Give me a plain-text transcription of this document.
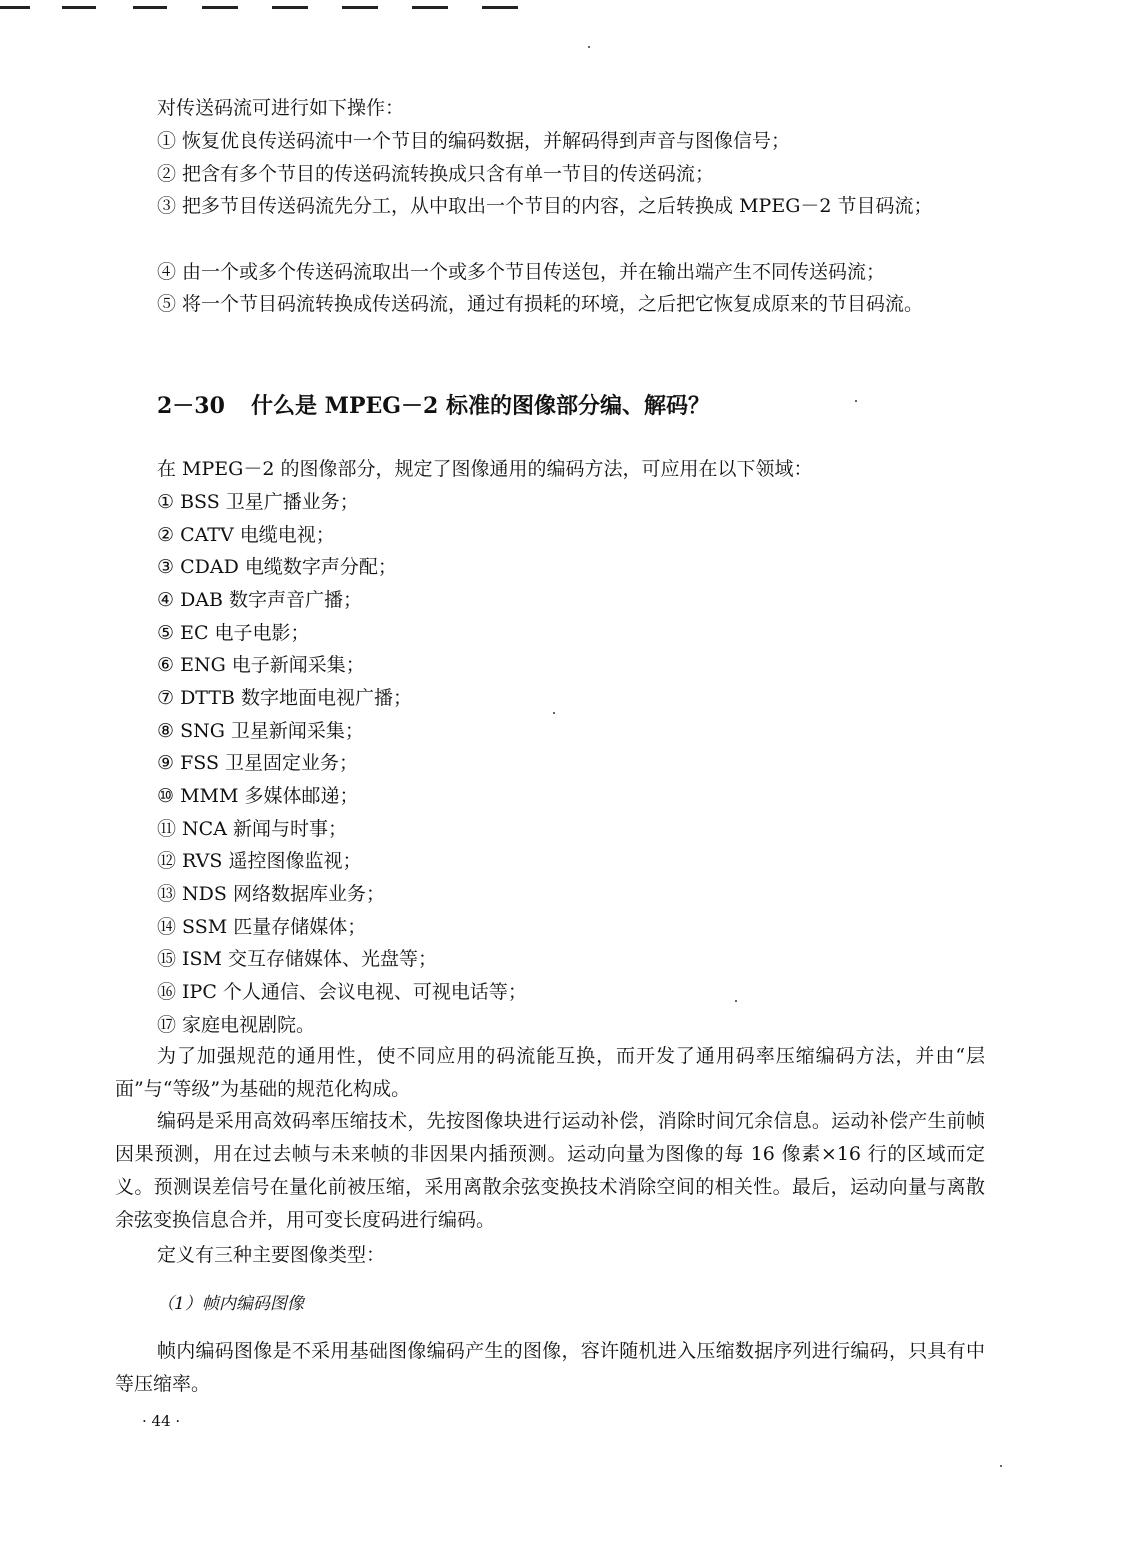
对传送码流可进行如下操作：

① 恢复优良传送码流中一个节目的编码数据，并解码得到声音与图像信号；

② 把含有多个节目的传送码流转换成只含有单一节目的传送码流；

③ 把多节目传送码流先分工，从中取出一个节目的内容，之后转换成 MPEG－2 节目码流；

④ 由一个或多个传送码流取出一个或多个节目传送包，并在输出端产生不同传送码流；

⑤ 将一个节目码流转换成传送码流，通过有损耗的环境，之后把它恢复成原来的节目码流。

2－30 什么是 MPEG－2 标准的图像部分编、解码？

在 MPEG－2 的图像部分，规定了图像通用的编码方法，可应用在以下领域：

① BSS 卫星广播业务；

② CATV 电缆电视；

③ CDAD 电缆数字声分配；

④ DAB 数字声音广播；

⑤ EC 电子电影；

⑥ ENG 电子新闻采集；

⑦ DTTB 数字地面电视广播；

⑧ SNG 卫星新闻采集；

⑨ FSS 卫星固定业务；

⑩ MMM 多媒体邮递；

⑪ NCA 新闻与时事；

⑫ RVS 遥控图像监视；

⑬ NDS 网络数据库业务；

⑭ SSM 匹量存储媒体；

⑮ ISM 交互存储媒体、光盘等；

⑯ IPC 个人通信、会议电视、可视电话等；

⑰ 家庭电视剧院。

为了加强规范的通用性，使不同应用的码流能互换，而开发了通用码率压缩编码方法，并由“层面”与“等级”为基础的规范化构成。

编码是采用高效码率压缩技术，先按图像块进行运动补偿，消除时间冗余信息。运动补偿产生前帧因果预测，用在过去帧与未来帧的非因果内插预测。运动向量为图像的每 16 像素×16 行的区域而定义。预测误差信号在量化前被压缩，采用离散余弦变换技术消除空间的相关性。最后，运动向量与离散余弦变换信息合并，用可变长度码进行编码。

定义有三种主要图像类型：

（1）帧内编码图像

帧内编码图像是不采用基础图像编码产生的图像，容许随机进入压缩数据序列进行编码，只具有中等压缩率。

· 44 ·
